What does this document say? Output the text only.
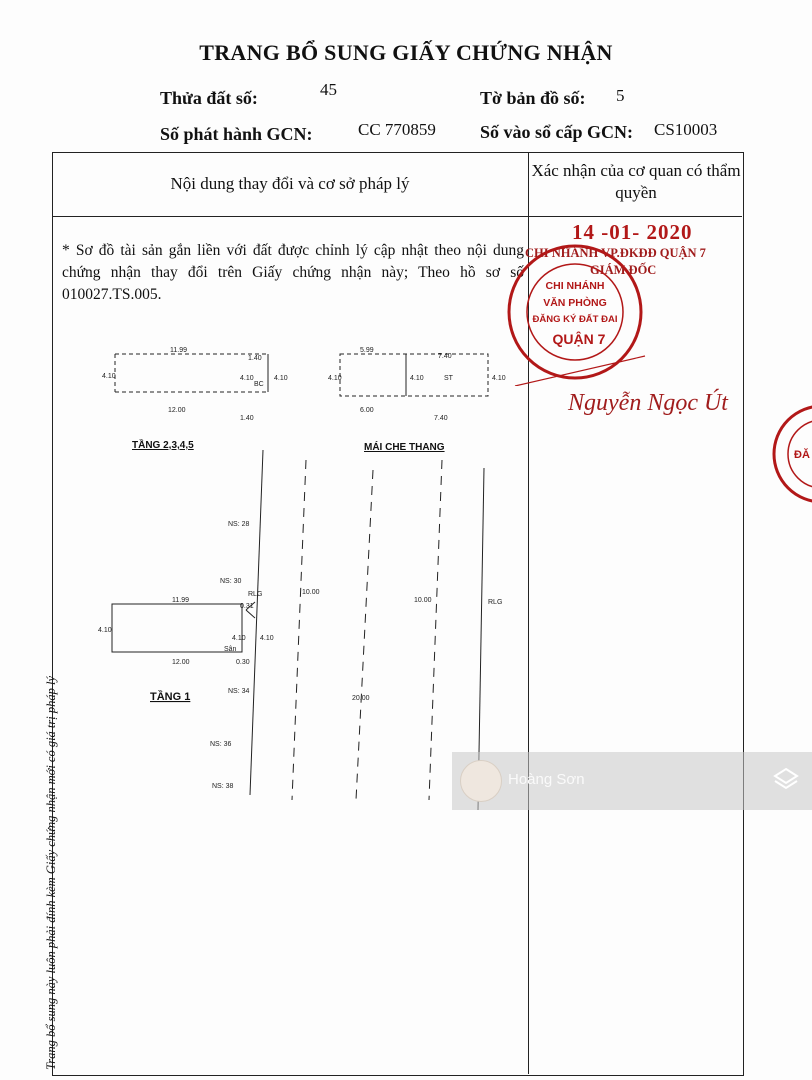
TRANG BỔ SUNG GIẤY CHỨNG NHẬN
Thửa đất số:	45	Tờ bản đồ số: 5
Số phát hành GCN:	CC 770859 Số vào sổ cấp GCN: CS10003
Nội dung thay đổi và cơ sở pháp lý
Xác nhận của cơ quan có thẩm quyền
* Sơ đồ tài sản gắn liền với đất được chỉnh lý cập nhật theo nội dung chứng nhận thay đổi trên Giấy chứng nhận này; Theo hồ sơ số 010027.TS.005.
14 -01- 2020
CHI NHÁNH VP.ĐKĐĐ QUẬN 7
GIÁM ĐỐC
CHI NHÁNH
VĂN PHÒNG
ĐĂNG KÝ ĐẤT ĐAI
QUẬN 7
ĐĂ
Nguyễn Ngọc Út
11.99
1.40
12.00
1.40
4.10	4.10	4.10
BC
TẦNG 2,3,4,5
5.99
7.40
6.00
7.40
4.10	4.10	4.10
ST
MÁI CHE THANG
NS: 28
NS: 30
NS: 34
NS: 36
NS: 38
11.99
0.31
12.00	0.30
4.10
4.10 4.10
Sân
RLG	10.00
10.00
20.00
RLG
TẦNG 1
Trang bổ sung này luôn phải đính kèm Giấy chứng nhận mới có giá trị pháp lý	Hoàng Sơn
